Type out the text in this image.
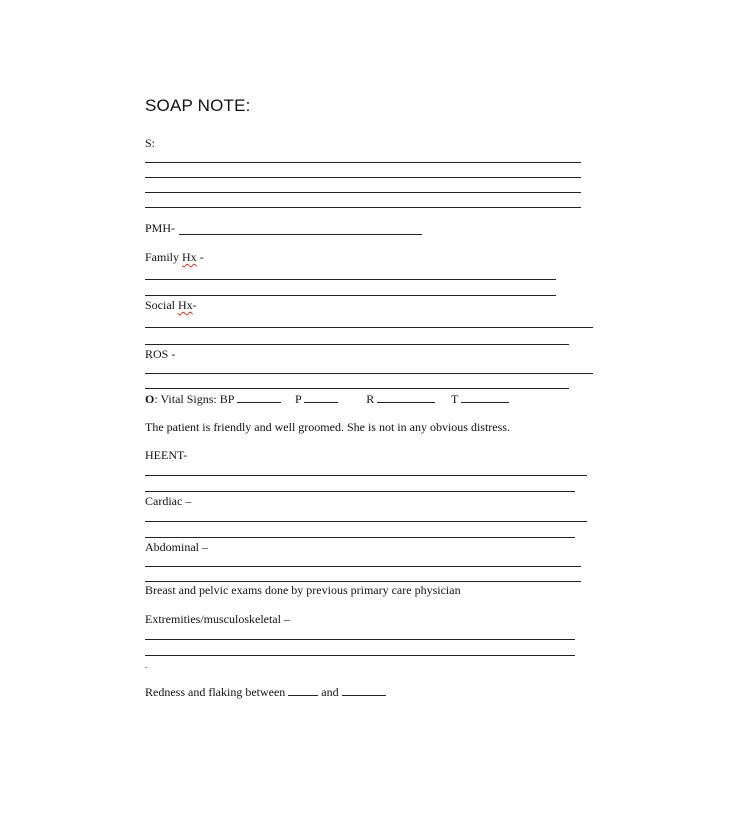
SOAP NOTE:
S:
PMH-
Family Hx -
Social Hx-
ROS -
O: Vital Signs: BP	P	R	T
The patient is friendly and well groomed. She is not in any obvious distress.
HEENT-
Cardiac –
Abdominal –
Breast and pelvic exams done by previous primary care physician
Extremities/musculoskeletal –
.
Redness and flaking between	and
